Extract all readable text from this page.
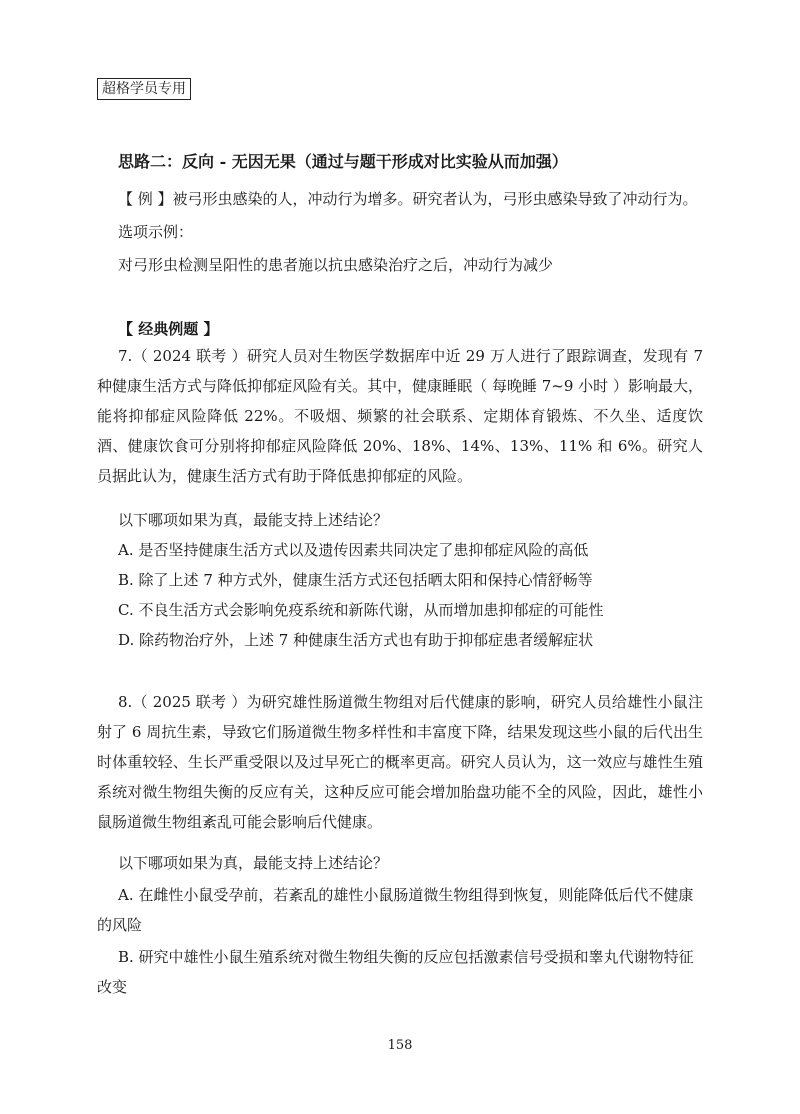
超格学员专用
思路二：反向 - 无因无果（通过与题干形成对比实验从而加强）
【 例 】被弓形虫感染的人，冲动行为增多。研究者认为，弓形虫感染导致了冲动行为。
选项示例：
对弓形虫检测呈阳性的患者施以抗虫感染治疗之后，冲动行为减少
【 经典例题 】
7.（ 2024 联考 ）研究人员对生物医学数据库中近 29 万人进行了跟踪调查，发现有 7 种健康生活方式与降低抑郁症风险有关。其中，健康睡眠（ 每晚睡 7~9 小时 ）影响最大，能将抑郁症风险降低 22%。不吸烟、频繁的社会联系、定期体育锻炼、不久坐、适度饮酒、健康饮食可分别将抑郁症风险降低 20%、18%、14%、13%、11% 和 6%。研究人员据此认为，健康生活方式有助于降低患抑郁症的风险。
以下哪项如果为真，最能支持上述结论？
A. 是否坚持健康生活方式以及遗传因素共同决定了患抑郁症风险的高低
B. 除了上述 7 种方式外，健康生活方式还包括晒太阳和保持心情舒畅等
C. 不良生活方式会影响免疫系统和新陈代谢，从而增加患抑郁症的可能性
D. 除药物治疗外，上述 7 种健康生活方式也有助于抑郁症患者缓解症状
8.（ 2025 联考 ）为研究雄性肠道微生物组对后代健康的影响，研究人员给雄性小鼠注射了 6 周抗生素，导致它们肠道微生物多样性和丰富度下降，结果发现这些小鼠的后代出生时体重较轻、生长严重受限以及过早死亡的概率更高。研究人员认为，这一效应与雄性生殖系统对微生物组失衡的反应有关，这种反应可能会增加胎盘功能不全的风险，因此，雄性小鼠肠道微生物组紊乱可能会影响后代健康。
以下哪项如果为真，最能支持上述结论？
A. 在雌性小鼠受孕前，若紊乱的雄性小鼠肠道微生物组得到恢复，则能降低后代不健康的风险
B. 研究中雄性小鼠生殖系统对微生物组失衡的反应包括激素信号受损和睾丸代谢物特征改变
158
